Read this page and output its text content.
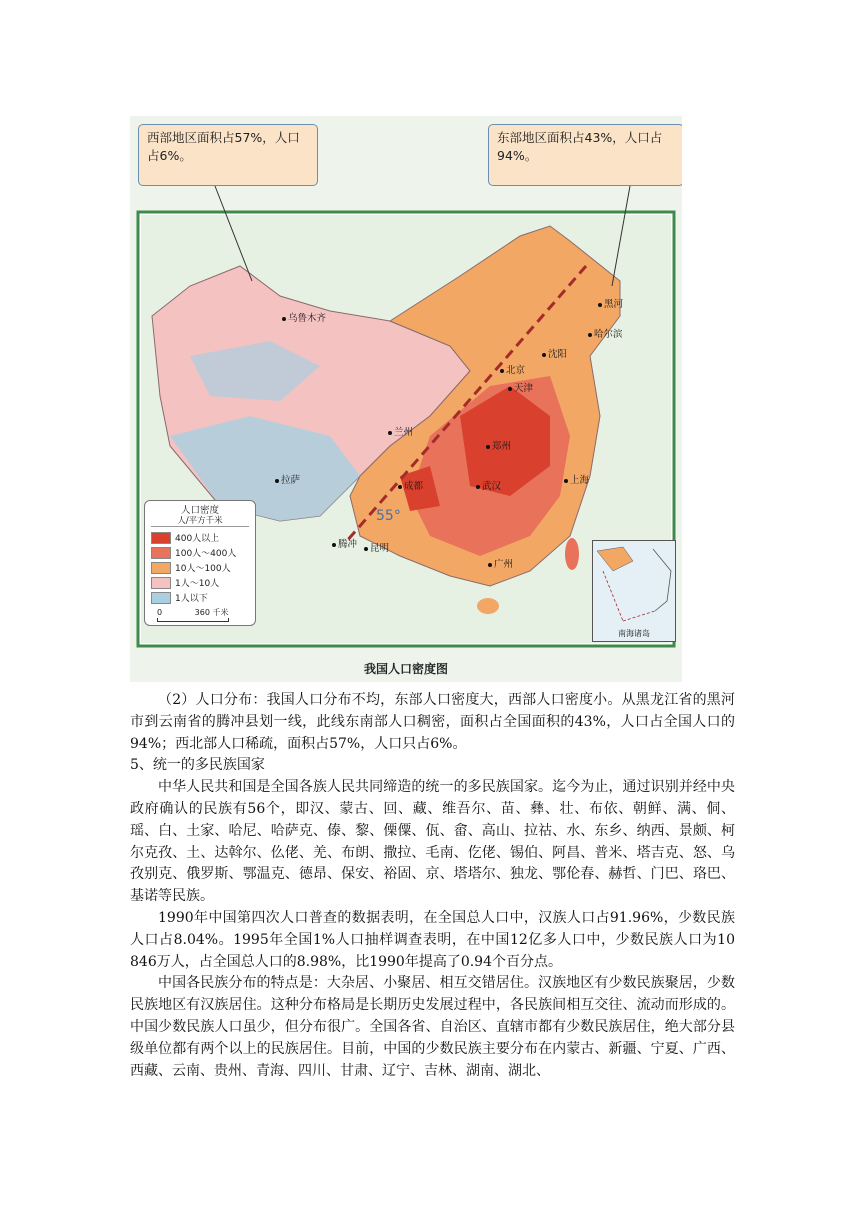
西部地区面积占57%，人口占6%。
东部地区面积占43%，人口占94%。
乌鲁木齐
黑河
哈尔滨
沈阳
北京
天津
兰州
郑州
上海
拉萨
成都	武汉
腾冲	昆明
广州
55°
人口密度
人/平方千米
400人以上
100人～400人
10人～100人
1人～10人
1人以下
0	360 千米
南海诸岛
我国人口密度图

（2）人口分布：我国人口分布不均，东部人口密度大，西部人口密度小。从黑龙江省的黑河市到云南省的腾冲县划一线，此线东南部人口稠密，面积占全国面积的43%，人口占全国人口的94%；西北部人口稀疏，面积占57%，人口只占6%。

5、统一的多民族国家

中华人民共和国是全国各族人民共同缔造的统一的多民族国家。迄今为止，通过识别并经中央政府确认的民族有56个，即汉、蒙古、回、藏、维吾尔、苗、彝、壮、布依、朝鲜、满、侗、瑶、白、土家、哈尼、哈萨克、傣、黎、傈僳、佤、畲、高山、拉祜、水、东乡、纳西、景颇、柯尔克孜、土、达斡尔、仫佬、羌、布朗、撒拉、毛南、仡佬、锡伯、阿昌、普米、塔吉克、怒、乌孜别克、俄罗斯、鄂温克、德昂、保安、裕固、京、塔塔尔、独龙、鄂伦春、赫哲、门巴、珞巴、基诺等民族。

1990年中国第四次人口普查的数据表明，在全国总人口中，汉族人口占91.96%，少数民族人口占8.04%。1995年全国1%人口抽样调查表明，在中国12亿多人口中，少数民族人口为10 846万人，占全国总人口的8.98%，比1990年提高了0.94个百分点。

中国各民族分布的特点是：大杂居、小聚居、相互交错居住。汉族地区有少数民族聚居，少数民族地区有汉族居住。这种分布格局是长期历史发展过程中，各民族间相互交往、流动而形成的。中国少数民族人口虽少，但分布很广。全国各省、自治区、直辖市都有少数民族居住，绝大部分县级单位都有两个以上的民族居住。目前，中国的少数民族主要分布在内蒙古、新疆、宁夏、广西、西藏、云南、贵州、青海、四川、甘肃、辽宁、吉林、湖南、湖北、
